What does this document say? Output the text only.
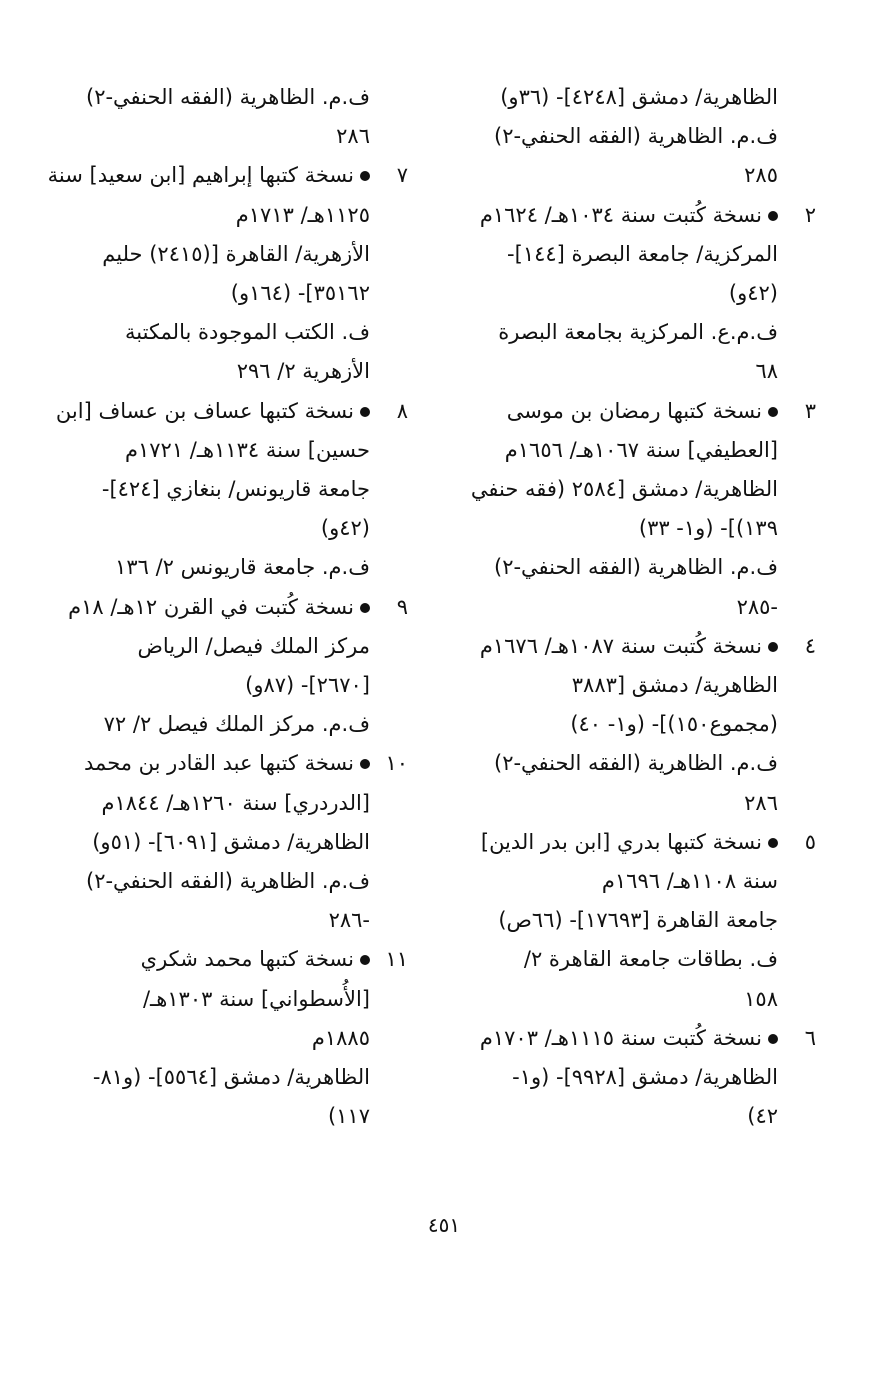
الظاهرية/ دمشق [٤٢٤٨]- (٣٦و)
ف.م. الظاهرية (الفقه الحنفي-٢)
٢٨٥
٢
نسخة كُتبت سنة ١٠٣٤هـ/ ١٦٢٤م
المركزية/ جامعة البصرة [١٤٤]-
(٤٢و)
ف.م.ع. المركزية بجامعة البصرة
٦٨
٣
نسخة كتبها رمضان بن موسى
[العطيفي] سنة ١٠٦٧هـ/ ١٦٥٦م
الظاهرية/ دمشق [٢٥٨٤ (فقه حنفي
١٣٩)]- (و١- ٣٣)
ف.م. الظاهرية (الفقه الحنفي-٢)
-٢٨٥
٤
نسخة كُتبت سنة ١٠٨٧هـ/ ١٦٧٦م
الظاهرية/ دمشق [٣٨٨٣
(مجموع١٥٠)]- (و١- ٤٠)
ف.م. الظاهرية (الفقه الحنفي-٢)
٢٨٦
٥
نسخة كتبها بدري [ابن بدر الدين]
سنة ١١٠٨هـ/ ١٦٩٦م
جامعة القاهرة [١٧٦٩٣]- (٦٦ص)
ف. بطاقات جامعة القاهرة ٢/
١٥٨
٦
نسخة كُتبت سنة ١١١٥هـ/ ١٧٠٣م
الظاهرية/ دمشق [٩٩٢٨]- (و١-
٤٢)
ف.م. الظاهرية (الفقه الحنفي-٢)
٢٨٦
٧
نسخة كتبها إبراهيم [ابن سعيد] سنة
١١٢٥هـ/ ١٧١٣م
الأزهرية/ القاهرة [(٢٤١٥) حليم
٣٥١٦٢]- (١٦٤و)
ف. الكتب الموجودة بالمكتبة
الأزهرية ٢/ ٢٩٦
٨
نسخة كتبها عساف بن عساف [ابن
حسين] سنة ١١٣٤هـ/ ١٧٢١م
جامعة قاريونس/ بنغازي [٤٢٤]-
(٤٢و)
ف.م. جامعة قاريونس ٢/ ١٣٦
٩
نسخة كُتبت في القرن ١٢هـ/ ١٨م
مركز الملك فيصل/ الرياض
[٢٦٧٠]- (٨٧و)
ف.م. مركز الملك فيصل ٢/ ٧٢
١٠
نسخة كتبها عبد القادر بن محمد
[الدردري] سنة ١٢٦٠هـ/ ١٨٤٤م
الظاهرية/ دمشق [٦٠٩١]- (٥١و)
ف.م. الظاهرية (الفقه الحنفي-٢)
-٢٨٦
١١
نسخة كتبها محمد شكري
[الأُسطواني] سنة ١٣٠٣هـ/
١٨٨٥م
الظاهرية/ دمشق [٥٥٦٤]- (و٨١-
١١٧)
٤٥١
